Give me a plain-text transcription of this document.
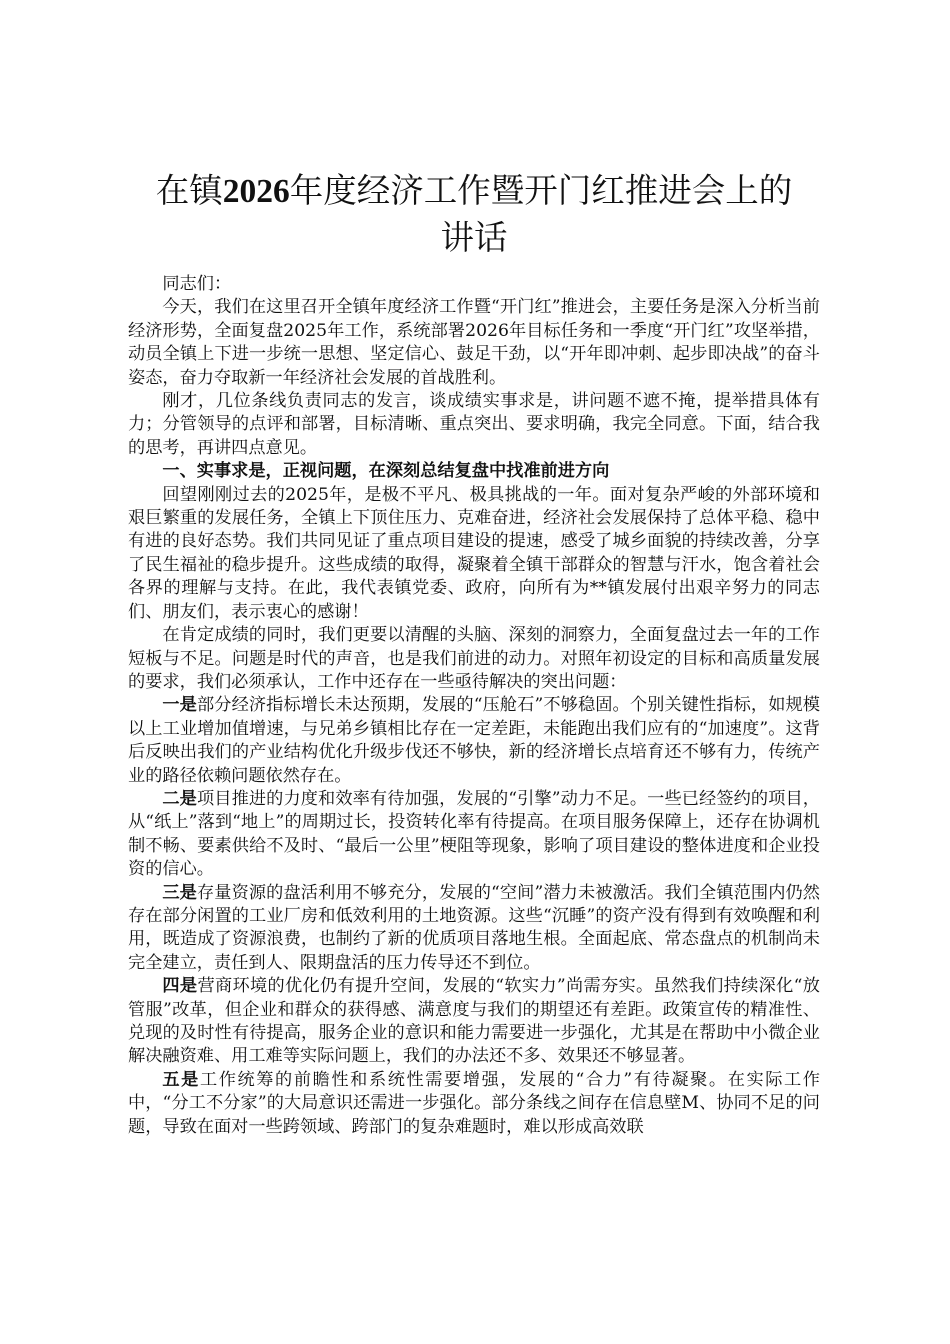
在镇2026年度经济工作暨开门红推进会上的
讲话

同志们：

今天，我们在这里召开全镇年度经济工作暨“开门红”推进会，主要任务是深入分析当前经济形势，全面复盘2025年工作，系统部署2026年目标任务和一季度“开门红”攻坚举措，动员全镇上下进一步统一思想、坚定信心、鼓足干劲，以“开年即冲刺、起步即决战”的奋斗姿态，奋力夺取新一年经济社会发展的首战胜利。

刚才，几位条线负责同志的发言，谈成绩实事求是，讲问题不遮不掩，提举措具体有力；分管领导的点评和部署，目标清晰、重点突出、要求明确，我完全同意。下面，结合我的思考，再讲四点意见。

一、实事求是，正视问题，在深刻总结复盘中找准前进方向

回望刚刚过去的2025年，是极不平凡、极具挑战的一年。面对复杂严峻的外部环境和艰巨繁重的发展任务，全镇上下顶住压力、克难奋进，经济社会发展保持了总体平稳、稳中有进的良好态势。我们共同见证了重点项目建设的提速，感受了城乡面貌的持续改善，分享了民生福祉的稳步提升。这些成绩的取得，凝聚着全镇干部群众的智慧与汗水，饱含着社会各界的理解与支持。在此，我代表镇党委、政府，向所有为**镇发展付出艰辛努力的同志们、朋友们，表示衷心的感谢！

在肯定成绩的同时，我们更要以清醒的头脑、深刻的洞察力，全面复盘过去一年的工作短板与不足。问题是时代的声音，也是我们前进的动力。对照年初设定的目标和高质量发展的要求，我们必须承认，工作中还存在一些亟待解决的突出问题：

一是部分经济指标增长未达预期，发展的“压舱石”不够稳固。个别关键性指标，如规模以上工业增加值增速，与兄弟乡镇相比存在一定差距，未能跑出我们应有的“加速度”。这背后反映出我们的产业结构优化升级步伐还不够快，新的经济增长点培育还不够有力，传统产业的路径依赖问题依然存在。

二是项目推进的力度和效率有待加强，发展的“引擎”动力不足。一些已经签约的项目，从“纸上”落到“地上”的周期过长，投资转化率有待提高。在项目服务保障上，还存在协调机制不畅、要素供给不及时、“最后一公里”梗阻等现象，影响了项目建设的整体进度和企业投资的信心。

三是存量资源的盘活利用不够充分，发展的“空间”潜力未被激活。我们全镇范围内仍然存在部分闲置的工业厂房和低效利用的土地资源。这些“沉睡”的资产没有得到有效唤醒和利用，既造成了资源浪费，也制约了新的优质项目落地生根。全面起底、常态盘点的机制尚未完全建立，责任到人、限期盘活的压力传导还不到位。

四是营商环境的优化仍有提升空间，发展的“软实力”尚需夯实。虽然我们持续深化“放管服”改革，但企业和群众的获得感、满意度与我们的期望还有差距。政策宣传的精准性、兑现的及时性有待提高，服务企业的意识和能力需要进一步强化，尤其是在帮助中小微企业解决融资难、用工难等实际问题上，我们的办法还不多、效果还不够显著。

五是工作统筹的前瞻性和系统性需要增强，发展的“合力”有待凝聚。在实际工作中，“分工不分家”的大局意识还需进一步强化。部分条线之间存在信息壁M、协同不足的问题，导致在面对一些跨领域、跨部门的复杂难题时，难以形成高效联
